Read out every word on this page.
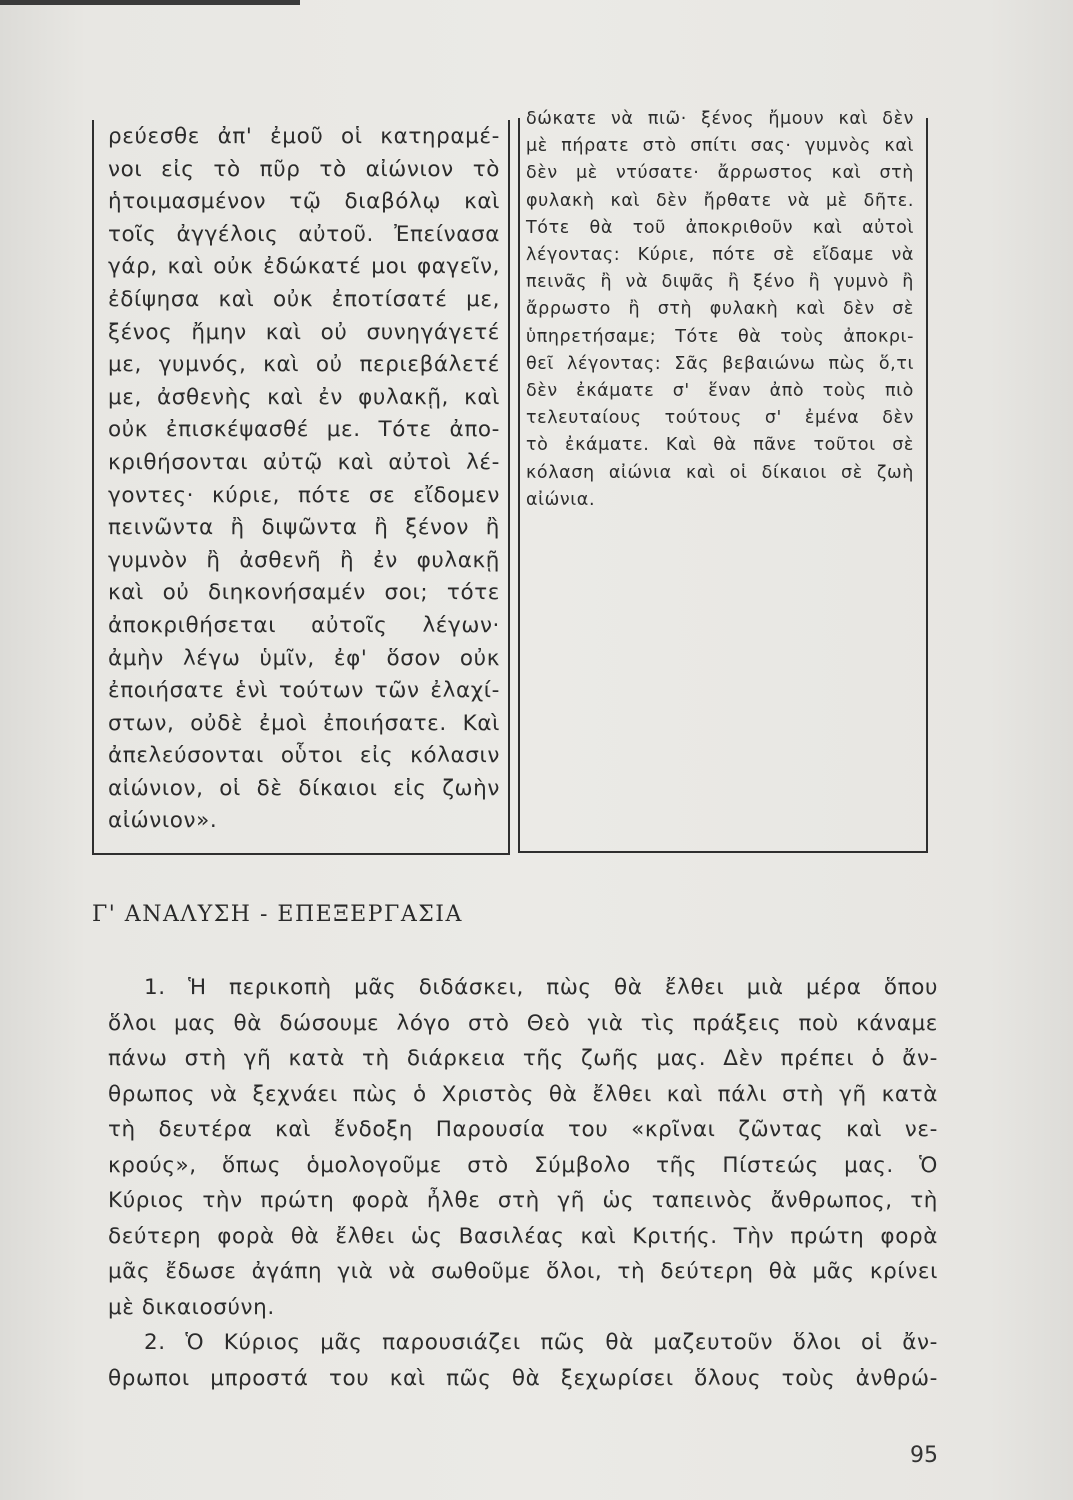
ρεύεσθε ἀπ' ἐμοῦ οἱ κατηραμέ-
νοι εἰς τὸ πῦρ τὸ αἰώνιον τὸ
ἡτοιμασμένον τῷ διαβόλῳ καὶ
τοῖς ἀγγέλοις αὐτοῦ. Ἐπείνασα
γάρ, καὶ οὐκ ἐδώκατέ μοι φαγεῖν,
ἐδίψησα καὶ οὐκ ἐποτίσατέ με,
ξένος ἤμην καὶ οὐ συνηγάγετέ
με, γυμνός, καὶ οὐ περιεβάλετέ
με, ἀσθενὴς καὶ ἐν φυλακῇ, καὶ
οὐκ ἐπισκέψασθέ με. Τότε ἀπο-
κριθήσονται αὐτῷ καὶ αὐτοὶ λέ-
γοντες· κύριε, πότε σε εἴδομεν
πεινῶντα ἢ διψῶντα ἢ ξένον ἢ
γυμνὸν ἢ ἀσθενῆ ἢ ἐν φυλακῇ
καὶ οὐ διηκονήσαμέν σοι; τότε
ἀποκριθήσεται αὐτοῖς λέγων·
ἀμὴν λέγω ὑμῖν, ἐφ' ὅσον οὐκ
ἐποιήσατε ἑνὶ τούτων τῶν ἐλαχί-
στων, οὐδὲ ἐμοὶ ἐποιήσατε. Καὶ
ἀπελεύσονται οὗτοι εἰς κόλασιν
αἰώνιον, οἱ δὲ δίκαιοι εἰς ζωὴν
αἰώνιον».
δώκατε νὰ πιῶ· ξένος ἤμουν καὶ δὲν
μὲ πήρατε στὸ σπίτι σας· γυμνὸς καὶ
δὲν μὲ ντύσατε· ἄρρωστος καὶ στὴ
φυλακὴ καὶ δὲν ἤρθατε νὰ μὲ δῆτε.
Τότε θὰ τοῦ ἀποκριθοῦν καὶ αὐτοὶ
λέγοντας: Κύριε, πότε σὲ εἴδαμε νὰ
πεινᾶς ἢ νὰ διψᾶς ἢ ξένο ἢ γυμνὸ ἢ
ἄρρωστο ἢ στὴ φυλακὴ καὶ δὲν σὲ
ὑπηρετήσαμε; Τότε θὰ τοὺς ἀποκρι-
θεῖ λέγοντας: Σᾶς βεβαιώνω πὼς ὅ,τι
δὲν ἐκάματε σ' ἕναν ἀπὸ τοὺς πιὸ
τελευταίους τούτους σ' ἐμένα δὲν
τὸ ἐκάματε. Καὶ θὰ πᾶνε τοῦτοι σὲ
κόλαση αἰώνια καὶ οἱ δίκαιοι σὲ ζωὴ
αἰώνια.
Γ' ΑΝΑΛΥΣΗ - ΕΠΕΞΕΡΓΑΣΙΑ
1. Ἡ περικοπὴ μᾶς διδάσκει, πὼς θὰ ἔλθει μιὰ μέρα ὅπου
ὅλοι μας θὰ δώσουμε λόγο στὸ Θεὸ γιὰ τὶς πράξεις ποὺ κάναμε
πάνω στὴ γῆ κατὰ τὴ διάρκεια τῆς ζωῆς μας. Δὲν πρέπει ὁ ἄν-
θρωπος νὰ ξεχνάει πὼς ὁ Χριστὸς θὰ ἔλθει καὶ πάλι στὴ γῆ κατὰ
τὴ δευτέρα καὶ ἔνδοξη Παρουσία του «κρῖναι ζῶντας καὶ νε-
κρούς», ὅπως ὁμολογοῦμε στὸ Σύμβολο τῆς Πίστεώς μας. Ὁ
Κύριος τὴν πρώτη φορὰ ἦλθε στὴ γῆ ὡς ταπεινὸς ἄνθρωπος, τὴ
δεύτερη φορὰ θὰ ἔλθει ὡς Βασιλέας καὶ Κριτής. Τὴν πρώτη φορὰ
μᾶς ἔδωσε ἀγάπη γιὰ νὰ σωθοῦμε ὅλοι, τὴ δεύτερη θὰ μᾶς κρίνει
μὲ δικαιοσύνη.
2. Ὁ Κύριος μᾶς παρουσιάζει πῶς θὰ μαζευτοῦν ὅλοι οἱ ἄν-
θρωποι μπροστά του καὶ πῶς θὰ ξεχωρίσει ὅλους τοὺς ἀνθρώ-
95
